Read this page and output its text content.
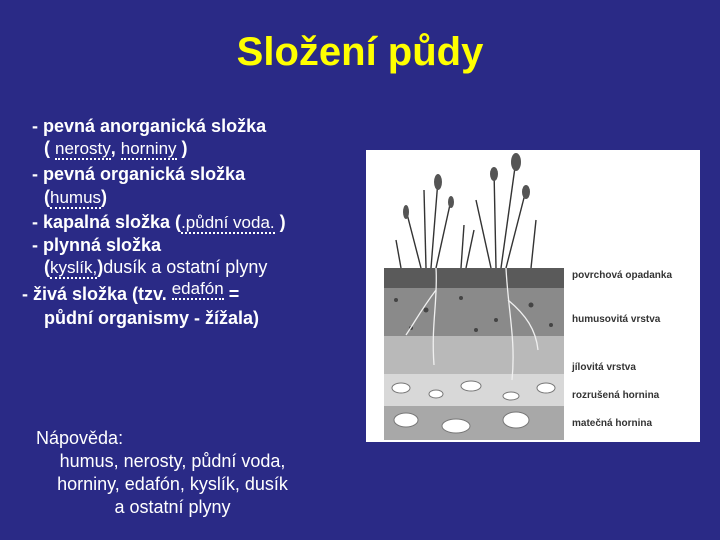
Složení půdy
- pevná anorganická složka
( nerosty, horniny )
- pevná organická složka
(humus)
- kapalná složka (.půdní voda. )
- plynná složka
(kyslík,)dusík a ostatní plyny
- živá složka (tzv. edafón =
půdní organismy - žížala)
Nápověda:
humus, nerosty, půdní voda,
horniny, edafón, kyslík, dusík
a ostatní plyny
povrchová opadanka
humusovitá vrstva
jílovitá vrstva
rozrušená hornina
matečná hornina
